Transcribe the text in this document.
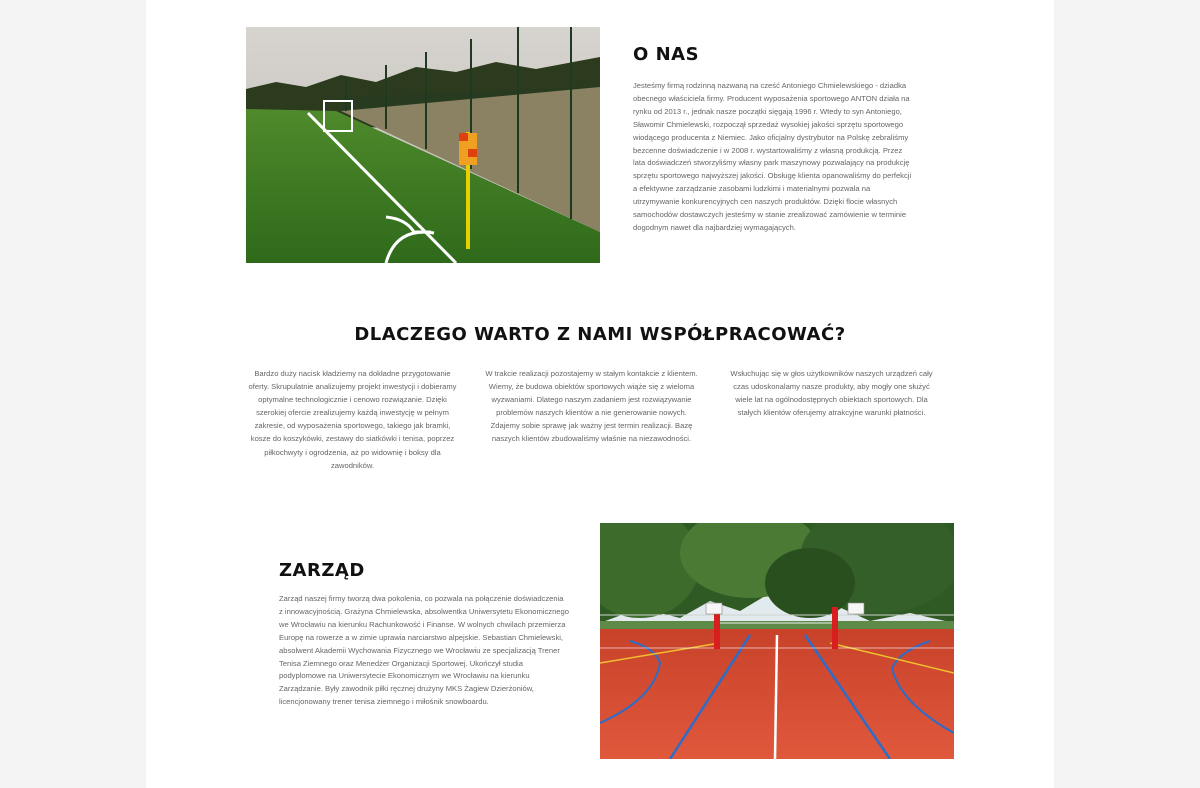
O NAS

Jesteśmy firmą rodzinną nazwaną na cześć Antoniego Chmielewskiego - dziadka obecnego właściciela firmy. Producent wyposażenia sportowego ANTON działa na rynku od 2013 r., jednak nasze początki sięgają 1996 r. Wtedy to syn Antoniego, Sławomir Chmielewski, rozpoczął sprzedaż wysokiej jakości sprzętu sportowego wiodącego producenta z Niemiec. Jako oficjalny dystrybutor na Polskę zebraliśmy bezcenne doświadczenie i w 2008 r. wystartowaliśmy z własną produkcją. Przez lata doświadczeń stworzyliśmy własny park maszynowy pozwalający na produkcję sprzętu sportowego najwyższej jakości. Obsługę klienta opanowaliśmy do perfekcji a efektywne zarządzanie zasobami ludzkimi i materialnymi pozwala na utrzymywanie konkurencyjnych cen naszych produktów. Dzięki flocie własnych samochodów dostawczych jesteśmy w stanie zrealizować zamówienie w terminie dogodnym nawet dla najbardziej wymagających.

DLACZEGO WARTO Z NAMI WSPÓŁPRACOWAĆ?

Bardzo duży nacisk kładziemy na dokładne przygotowanie oferty. Skrupulatnie analizujemy projekt inwestycji i dobieramy optymalne technologicznie i cenowo rozwiązanie. Dzięki szerokiej ofercie zrealizujemy każdą inwestycję w pełnym zakresie, od wyposażenia sportowego, takiego jak bramki, kosze do koszykówki, zestawy do siatkówki i tenisa, poprzez piłkochwyty i ogrodzenia, aż po widownię i boksy dla zawodników.

W trakcie realizacji pozostajemy w stałym kontakcie z klientem. Wiemy, że budowa obiektów sportowych wiąże się z wieloma wyzwaniami. Dlatego naszym zadaniem jest rozwiązywanie problemów naszych klientów a nie generowanie nowych. Zdajemy sobie sprawę jak ważny jest termin realizacji. Bazę naszych klientów zbudowaliśmy właśnie na niezawodności.

Wsłuchując się w głos użytkowników naszych urządzeń cały czas udoskonalamy nasze produkty, aby mogły one służyć wiele lat na ogólnodostępnych obiektach sportowych. Dla stałych klientów oferujemy atrakcyjne warunki płatności.

ZARZĄD

Zarząd naszej firmy tworzą dwa pokolenia, co pozwala na połączenie doświadczenia z innowacyjnością. Grażyna Chmielewska, absolwentka Uniwersytetu Ekonomicznego we Wrocławiu na kierunku Rachunkowość i Finanse. W wolnych chwilach przemierza Europę na rowerze a w zimie uprawia narciarstwo alpejskie. Sebastian Chmielewski, absolwent Akademii Wychowania Fizycznego we Wrocławiu ze specjalizacją Trener Tenisa Ziemnego oraz Menedżer Organizacji Sportowej. Ukończył studia podyplomowe na Uniwersytecie Ekonomicznym we Wrocławiu na kierunku Zarządzanie. Były zawodnik piłki ręcznej drużyny MKS Żagiew Dzierżoniów, licencjonowany trener tenisa ziemnego i miłośnik snowboardu.
